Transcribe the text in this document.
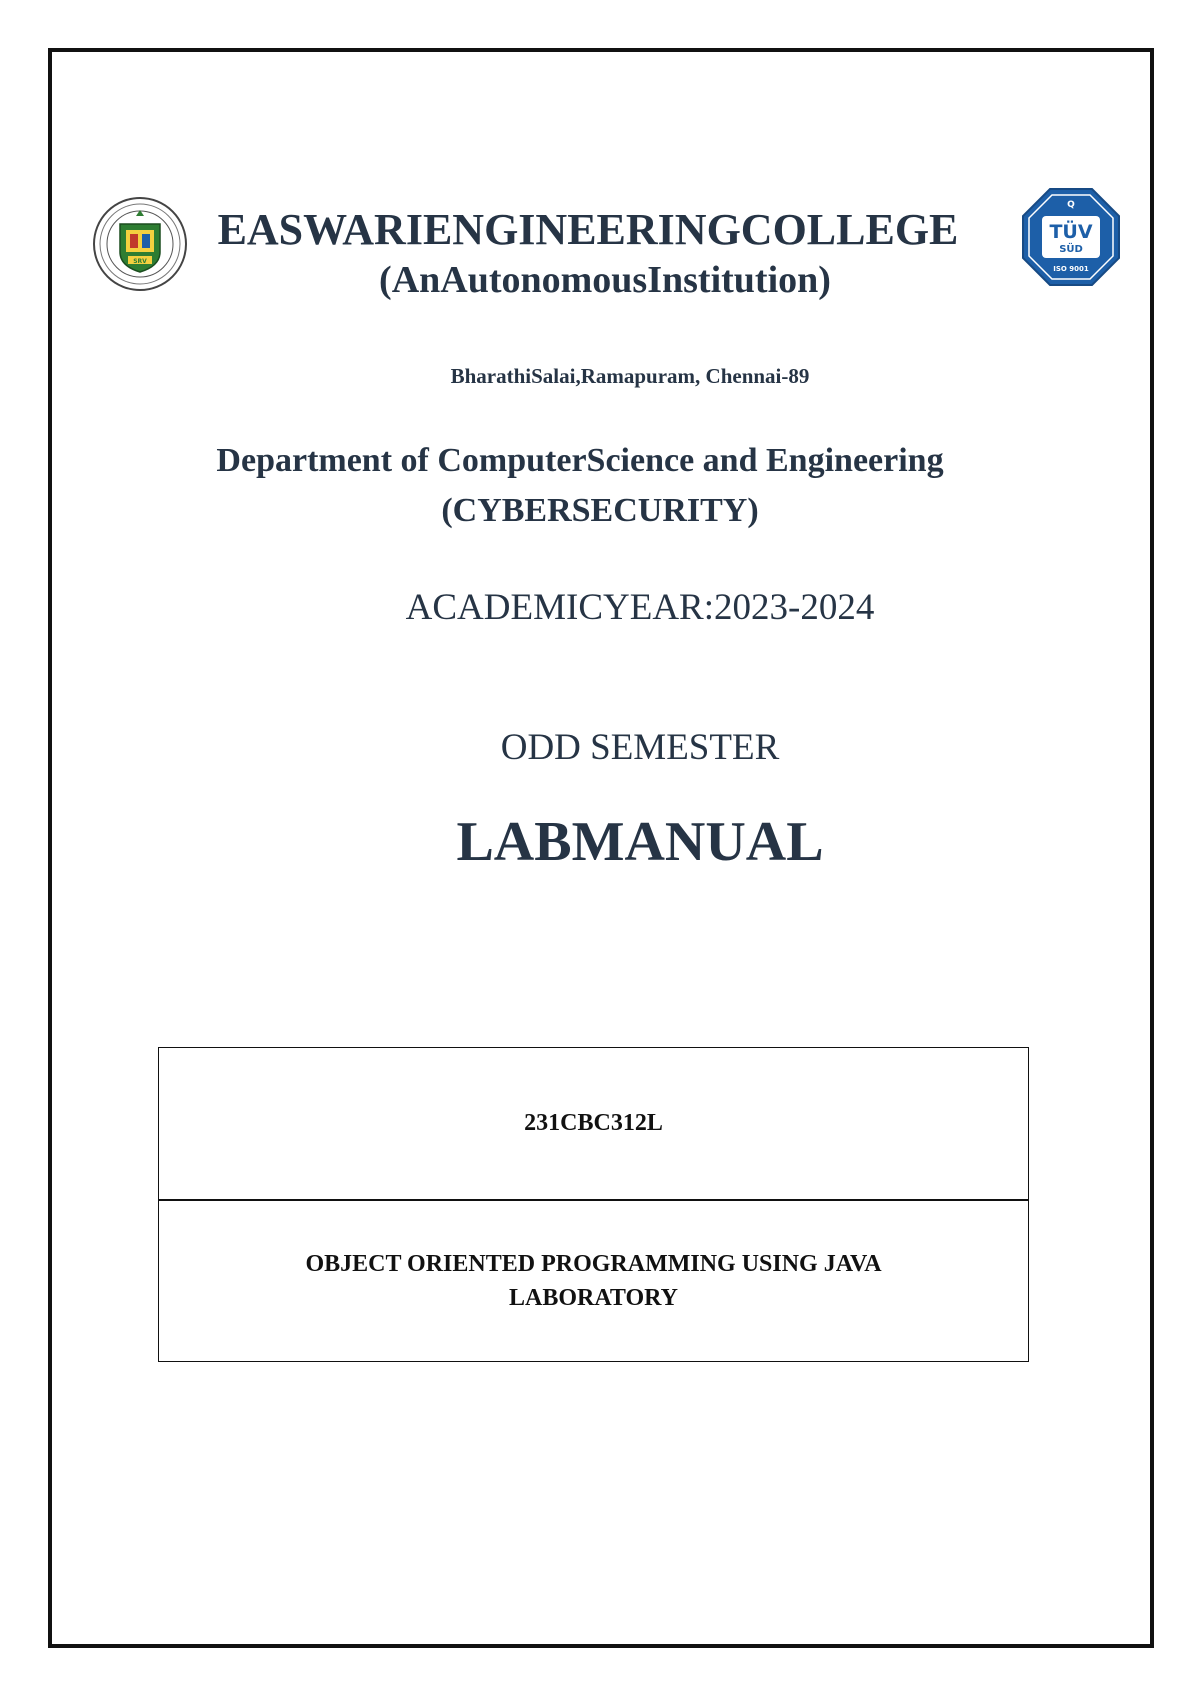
SRV
Q
TÜV
SÜD
ISO 9001
EASWARIENGINEERINGCOLLEGE
(AnAutonomousInstitution)
BharathiSalai,Ramapuram, Chennai-89
Department of ComputerScience and Engineering
(CYBERSECURITY)
ACADEMICYEAR:2023-2024
ODD SEMESTER
LABMANUAL
231CBC312L
OBJECT ORIENTED PROGRAMMING USING JAVA
LABORATORY
